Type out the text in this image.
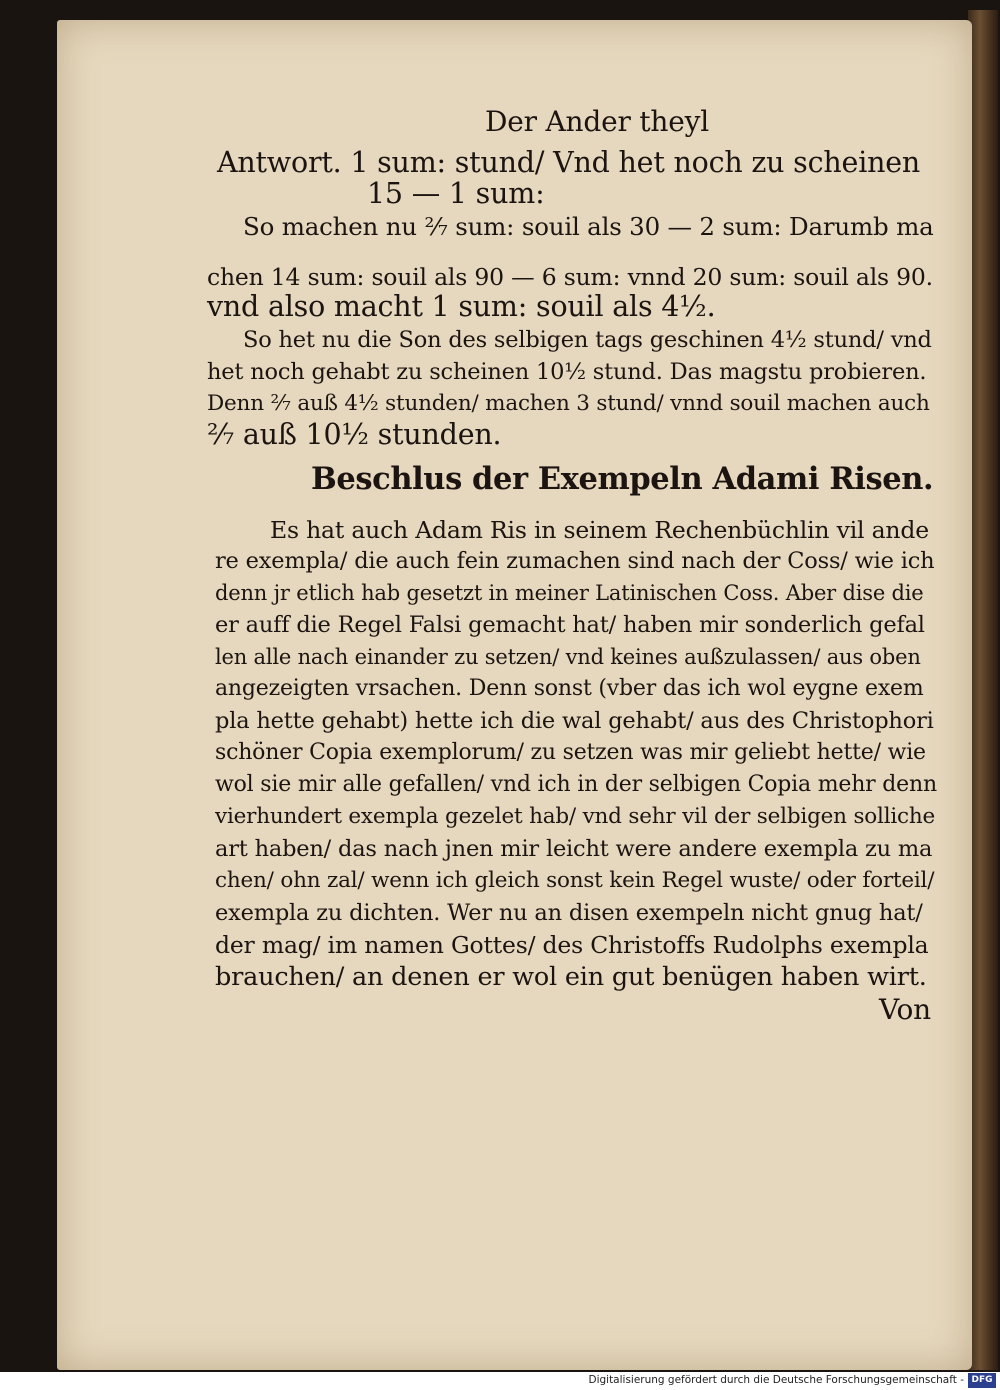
Der Ander theyl
Antwort. 1 sum: stund/ Vnd het noch zu scheinen
15 — 1 sum:
So machen nu ²⁄₇ sum: souil als 30 — 2 sum: Darumb ma
chen 14 sum: souil als 90 — 6 sum: vnnd 20 sum: souil als 90.
vnd also macht 1 sum: souil als 4½.
So het nu die Son des selbigen tags geschinen 4½ stund/ vnd
het noch gehabt zu scheinen 10½ stund. Das magstu probieren.
Denn ²⁄₇ auß 4½ stunden/ machen 3 stund/ vnnd souil machen auch
²⁄₇ auß 10½ stunden.
Beschlus der Exempeln Adami Risen.
Es hat auch Adam Ris in seinem Rechenbüchlin vil ande
re exempla/ die auch fein zumachen sind nach der Coss/ wie ich
denn jr etlich hab gesetzt in meiner Latinischen Coss. Aber dise die
er auff die Regel Falsi gemacht hat/ haben mir sonderlich gefal
len alle nach einander zu setzen/ vnd keines außzulassen/ aus oben
angezeigten vrsachen. Denn sonst (vber das ich wol eygne exem
pla hette gehabt) hette ich die wal gehabt/ aus des Christophori
schöner Copia exemplorum/ zu setzen was mir geliebt hette/ wie
wol sie mir alle gefallen/ vnd ich in der selbigen Copia mehr denn
vierhundert exempla gezelet hab/ vnd sehr vil der selbigen solliche
art haben/ das nach jnen mir leicht were andere exempla zu ma
chen/ ohn zal/ wenn ich gleich sonst kein Regel wuste/ oder forteil/
exempla zu dichten. Wer nu an disen exempeln nicht gnug hat/
der mag/ im namen Gottes/ des Christoffs Rudolphs exempla
brauchen/ an denen er wol ein gut benügen haben wirt.
Von
Digitalisierung gefördert durch die Deutsche Forschungsgemeinschaft - DFG
